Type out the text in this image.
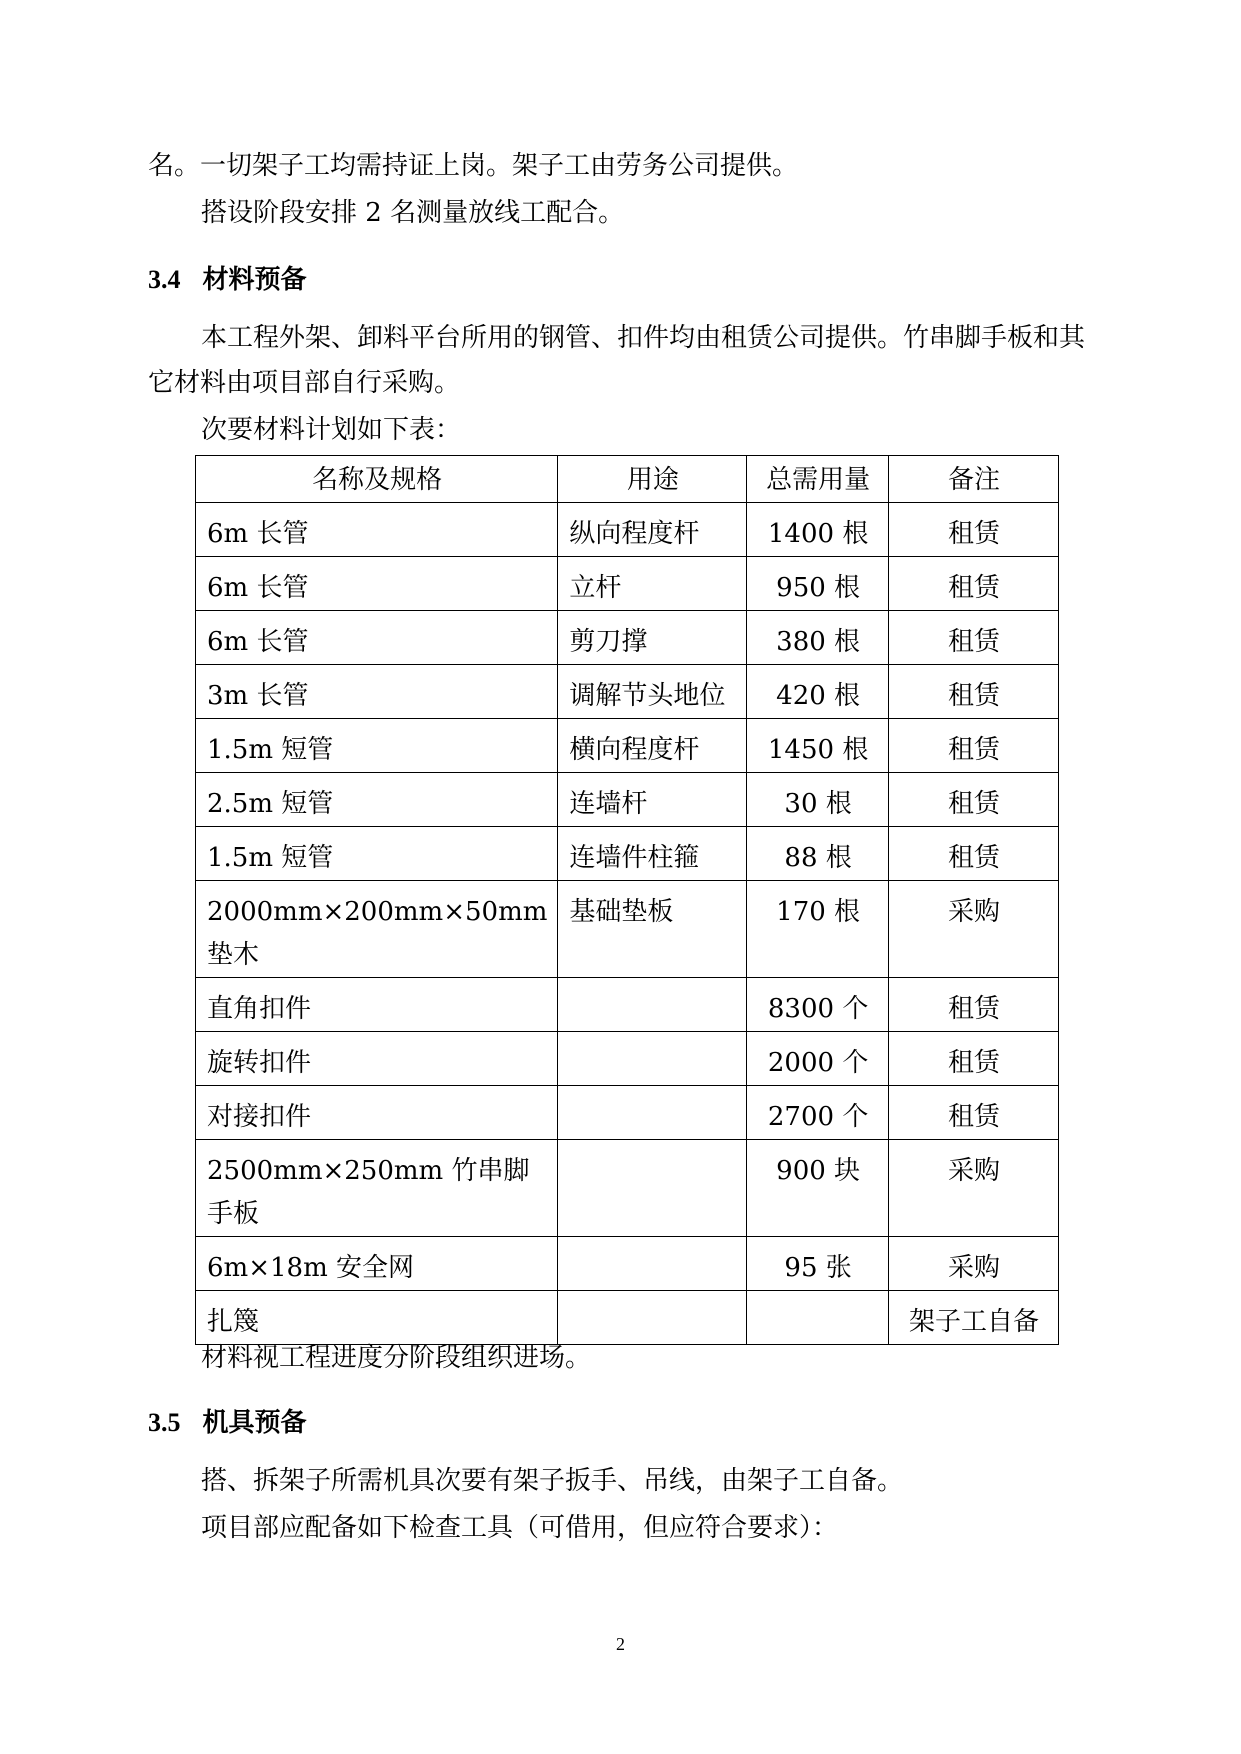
名。一切架子工均需持证上岗。架子工由劳务公司提供。
搭设阶段安排 2 名测量放线工配合。
3.4 材料预备
本工程外架、卸料平台所用的钢管、扣件均由租赁公司提供。竹串脚手板和其
它材料由项目部自行采购。
次要材料计划如下表：
名称及规格	用途	总需用量	备注
6m 长管	纵向程度杆	1400 根	租赁
6m 长管	立杆	950 根	租赁
6m 长管	剪刀撑	380 根	租赁
3m 长管	调解节头地位	420 根	租赁
1.5m 短管	横向程度杆	1450 根	租赁
2.5m 短管	连墙杆	30 根	租赁
1.5m 短管	连墙件柱箍	88 根	租赁
2000mm×200mm×50mm 垫木	基础垫板	170 根	采购
直角扣件		8300 个	租赁
旋转扣件		2000 个	租赁
对接扣件		2700 个	租赁
2500mm×250mm 竹串脚手板		900 块	采购
6m×18m 安全网		95 张	采购
扎篾			架子工自备
材料视工程进度分阶段组织进场。
3.5 机具预备
搭、拆架子所需机具次要有架子扳手、吊线，由架子工自备。
项目部应配备如下检查工具（可借用，但应符合要求）：
2
